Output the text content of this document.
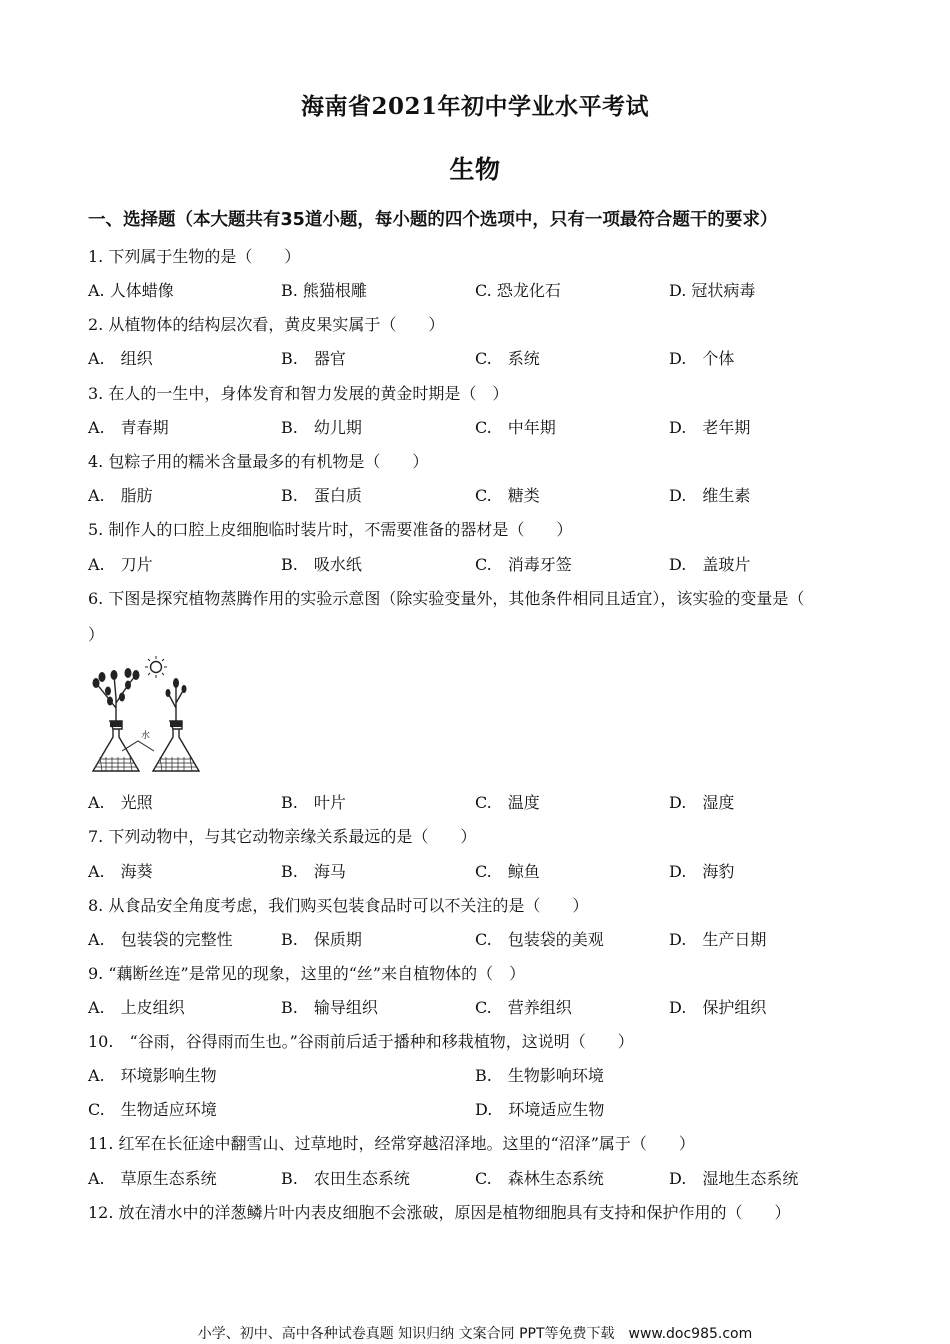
海南省2021年初中学业水平考试
生物
一、选择题（本大题共有35道小题，每小题的四个选项中，只有一项最符合题干的要求）
1. 下列属于生物的是（　　）
A. 人体蜡像	B. 熊猫根雕	C. 恐龙化石	D. 冠状病毒
2. 从植物体的结构层次看，黄皮果实属于（　　）
A.　组织	B.　器官	C.　系统	D.　个体
3. 在人的一生中，身体发育和智力发展的黄金时期是（　）
A.　青春期	B.　幼儿期	C.　中年期	D.　老年期
4. 包粽子用的糯米含量最多的有机物是（　　）
A.　脂肪	B.　蛋白质	C.　糖类	D.　维生素
5. 制作人的口腔上皮细胞临时装片时，不需要准备的器材是（　　）
A.　刀片	B.　吸水纸	C.　消毒牙签	D.　盖玻片
6. 下图是探究植物蒸腾作用的实验示意图（除实验变量外，其他条件相同且适宜），该实验的变量是（
）
水
A.　光照	B.　叶片	C.　温度	D.　湿度
7. 下列动物中，与其它动物亲缘关系最远的是（　　）
A.　海葵	B.　海马	C.　鲸鱼	D.　海豹
8. 从食品安全角度考虑，我们购买包装食品时可以不关注的是（　　）
A.　包装袋的完整性	B.　保质期	C.　包装袋的美观	D.　生产日期
9. “藕断丝连”是常见的现象，这里的“丝”来自植物体的（　）
A.　上皮组织	B.　输导组织	C.　营养组织	D.　保护组织
10.　“谷雨，谷得雨而生也。”谷雨前后适于播种和移栽植物，这说明（　　）
A.　环境影响生物	B.　生物影响环境
C.　生物适应环境	D.　环境适应生物
11. 红军在长征途中翻雪山、过草地时，经常穿越沼泽地。这里的“沼泽”属于（　　）
A.　草原生态系统	B.　农田生态系统	C.　森林生态系统	D.　湿地生态系统
12. 放在清水中的洋葱鳞片叶内表皮细胞不会涨破，原因是植物细胞具有支持和保护作用的（　　）
小学、初中、高中各种试卷真题 知识归纳 文案合同 PPT等免费下载　www.doc985.com
